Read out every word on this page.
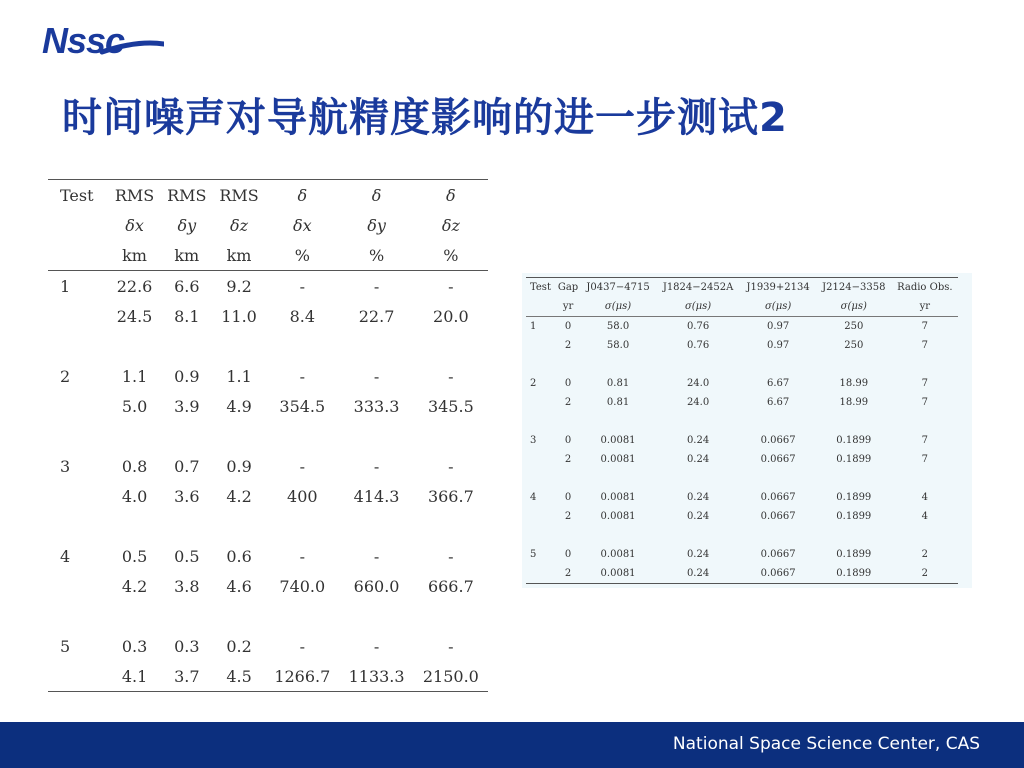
Nssc
时间噪声对导航精度影响的进一步测试2
Test	RMS	RMS	RMS	δ	δ	δ
	δx	δy	δz	δx	δy	δz
	km	km	km	%	%	%
1	22.6	6.6	9.2	-	-	-
	24.5	8.1	11.0	8.4	22.7	20.0

2	1.1	0.9	1.1	-	-	-
	5.0	3.9	4.9	354.5	333.3	345.5

3	0.8	0.7	0.9	-	-	-
	4.0	3.6	4.2	400	414.3	366.7

4	0.5	0.5	0.6	-	-	-
	4.2	3.8	4.6	740.0	660.0	666.7

5	0.3	0.3	0.2	-	-	-
	4.1	3.7	4.5	1266.7	1133.3	2150.0
Test	Gap	J0437−4715	J1824−2452A	J1939+2134	J2124−3358	Radio Obs.
	yr	σ(μs)	σ(μs)	σ(μs)	σ(μs)	yr
1	0	58.0	0.76	0.97	250	7
	2	58.0	0.76	0.97	250	7

2	0	0.81	24.0	6.67	18.99	7
	2	0.81	24.0	6.67	18.99	7

3	0	0.0081	0.24	0.0667	0.1899	7
	2	0.0081	0.24	0.0667	0.1899	7

4	0	0.0081	0.24	0.0667	0.1899	4
	2	0.0081	0.24	0.0667	0.1899	4

5	0	0.0081	0.24	0.0667	0.1899	2
	2	0.0081	0.24	0.0667	0.1899	2
National Space Science Center, CAS
